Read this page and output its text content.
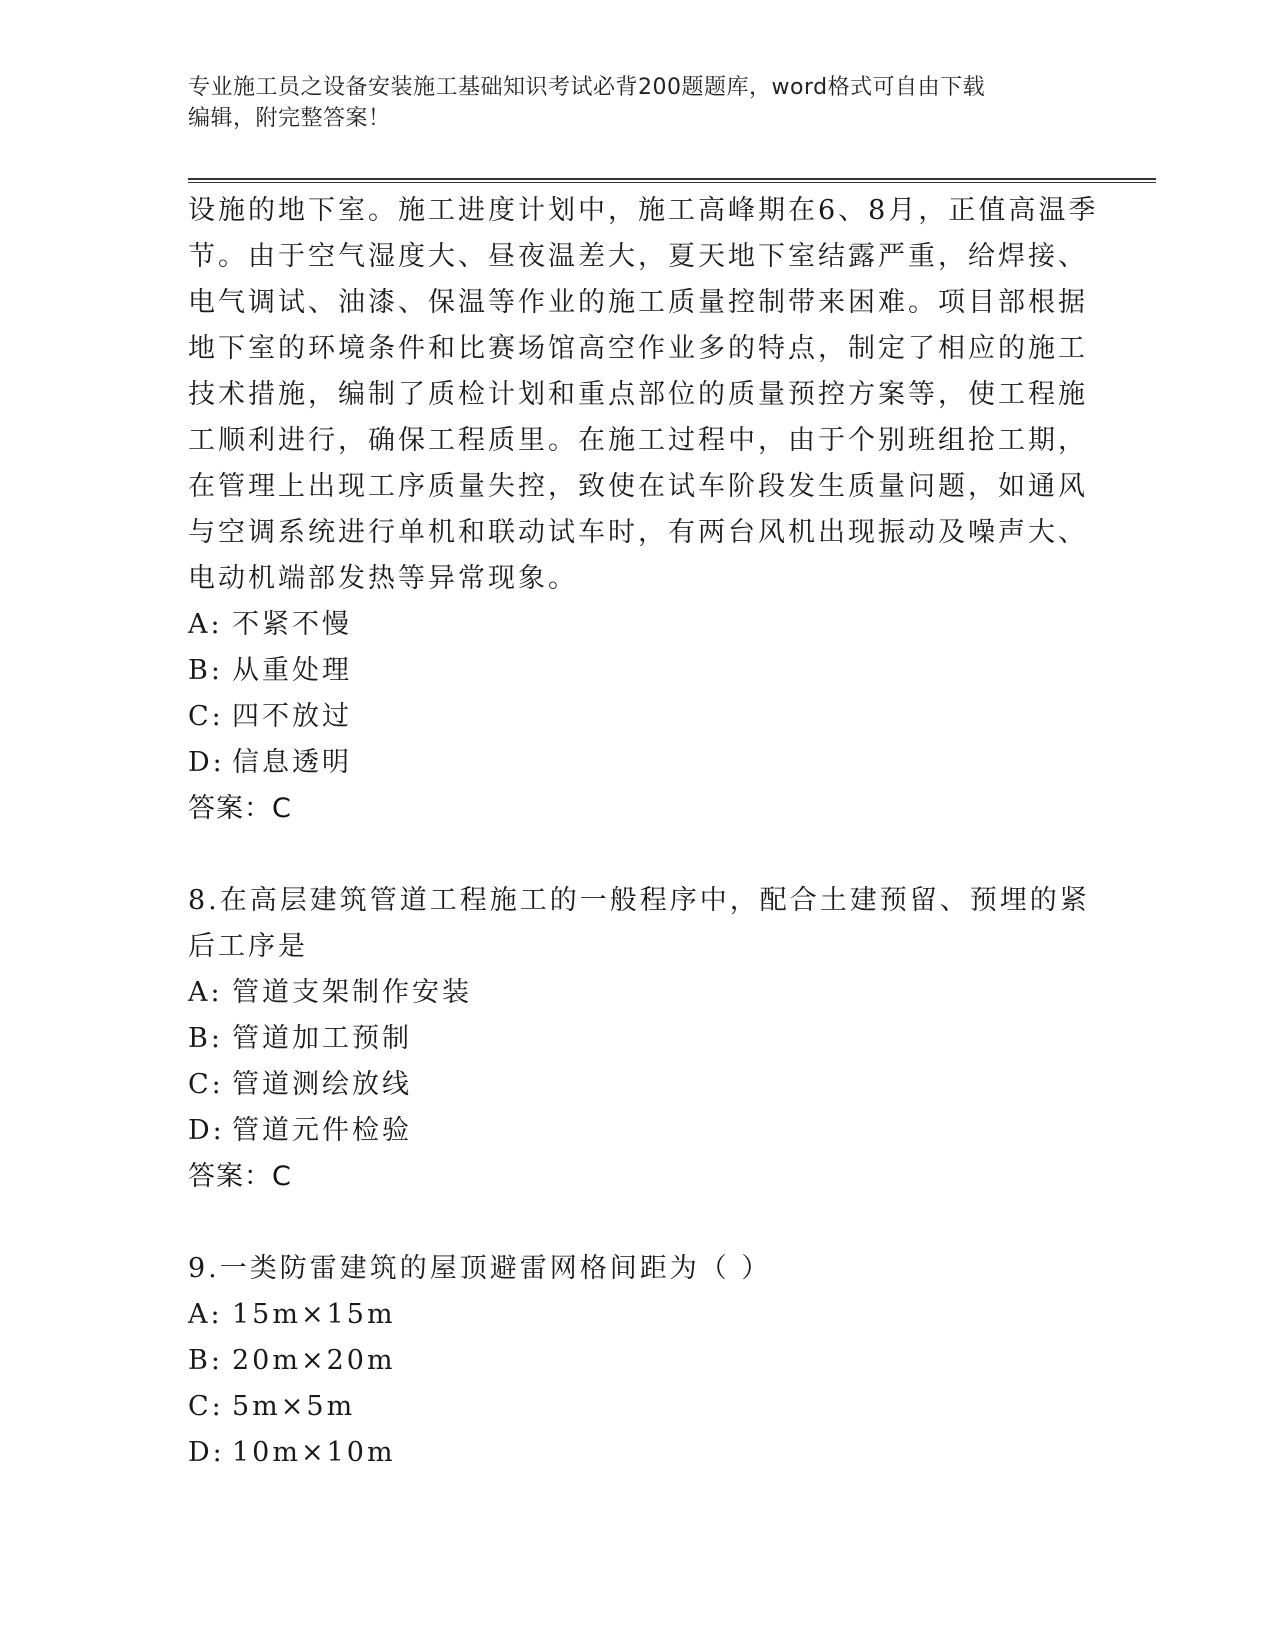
专业施工员之设备安装施工基础知识考试必背200题题库，word格式可自由下载
编辑，附完整答案！
设施的地下室。施工进度计划中，施工高峰期在6、8月，正值高温季
节。由于空气湿度大、昼夜温差大，夏天地下室结露严重，给焊接、
电气调试、油漆、保温等作业的施工质量控制带来困难。项目部根据
地下室的环境条件和比赛场馆高空作业多的特点，制定了相应的施工
技术措施，编制了质检计划和重点部位的质量预控方案等，使工程施
工顺利进行，确保工程质里。在施工过程中，由于个别班组抢工期，
在管理上出现工序质量失控，致使在试车阶段发生质量问题，如通风
与空调系统进行单机和联动试车时，有两台风机出现振动及噪声大、
电动机端部发热等异常现象。
A: 不紧不慢
B: 从重处理
C: 四不放过
D: 信息透明
答案：C
8.在高层建筑管道工程施工的一般程序中，配合土建预留、预埋的紧
后工序是
A: 管道支架制作安装
B: 管道加工预制
C: 管道测绘放线
D: 管道元件检验
答案：C
9.一类防雷建筑的屋顶避雷网格间距为（ ）
A: 15m×15m
B: 20m×20m
C: 5m×5m
D: 10m×10m
